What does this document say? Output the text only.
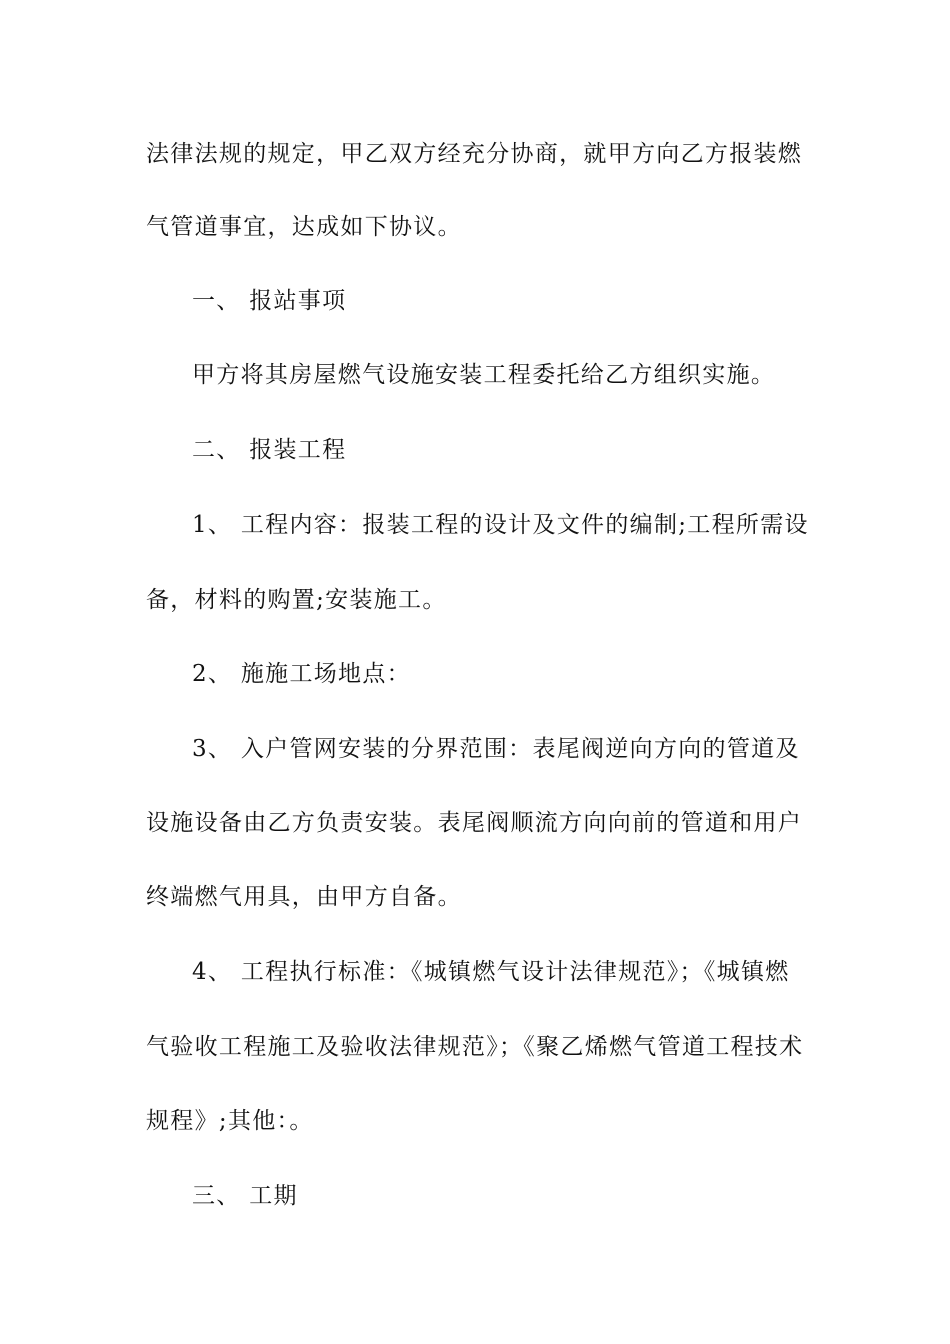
法律法规的规定，甲乙双方经充分协商，就甲方向乙方报装燃
气管道事宜，达成如下协议。
一、 报站事项
甲方将其房屋燃气设施安装工程委托给乙方组织实施。
二、 报装工程
1、 工程内容：报装工程的设计及文件的编制;工程所需设
备，材料的购置;安装施工。
2、 施施工场地点：
3、 入户管网安装的分界范围：表尾阀逆向方向的管道及
设施设备由乙方负责安装。表尾阀顺流方向向前的管道和用户
终端燃气用具，由甲方自备。
4、 工程执行标准：《城镇燃气设计法律规范》；《城镇燃
气验收工程施工及验收法律规范》；《聚乙烯燃气管道工程技术
规程》;其他：。
三、 工期
